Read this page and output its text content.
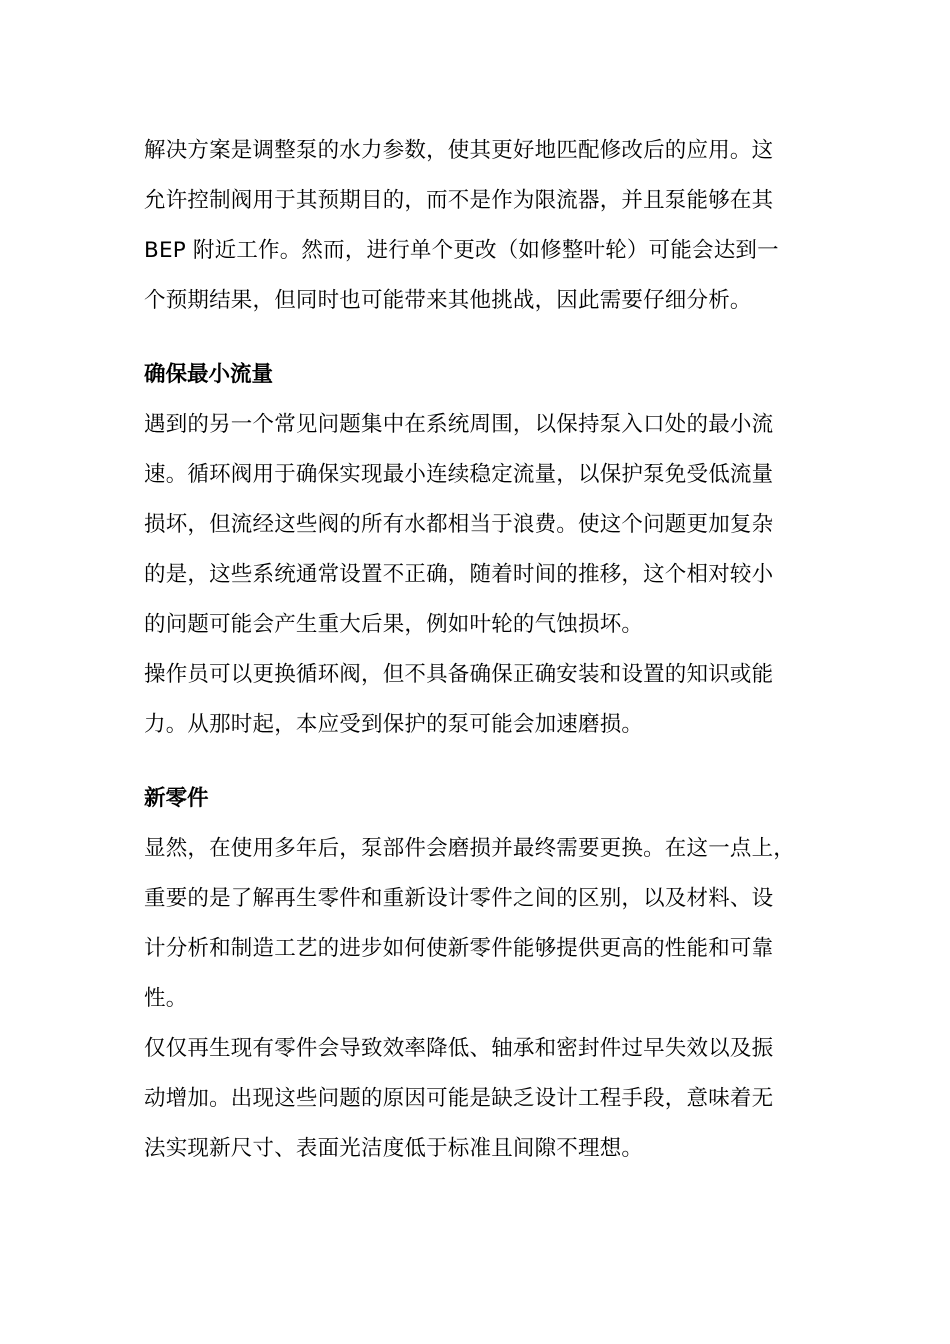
解决方案是调整泵的水力参数，使其更好地匹配修改后的应用。这
允许控制阀用于其预期目的，而不是作为限流器，并且泵能够在其
BEP 附近工作。然而，进行单个更改（如修整叶轮）可能会达到一
个预期结果，但同时也可能带来其他挑战，因此需要仔细分析。

确保最小流量

遇到的另一个常见问题集中在系统周围，以保持泵入口处的最小流
速。循环阀用于确保实现最小连续稳定流量，以保护泵免受低流量
损坏，但流经这些阀的所有水都相当于浪费。使这个问题更加复杂
的是，这些系统通常设置不正确，随着时间的推移，这个相对较小
的问题可能会产生重大后果，例如叶轮的气蚀损坏。

操作员可以更换循环阀，但不具备确保正确安装和设置的知识或能
力。从那时起，本应受到保护的泵可能会加速磨损。

新零件

显然，在使用多年后，泵部件会磨损并最终需要更换。在这一点上，
重要的是了解再生零件和重新设计零件之间的区别，以及材料、设
计分析和制造工艺的进步如何使新零件能够提供更高的性能和可靠
性。

仅仅再生现有零件会导致效率降低、轴承和密封件过早失效以及振
动增加。出现这些问题的原因可能是缺乏设计工程手段，意味着无
法实现新尺寸、表面光洁度低于标准且间隙不理想。
